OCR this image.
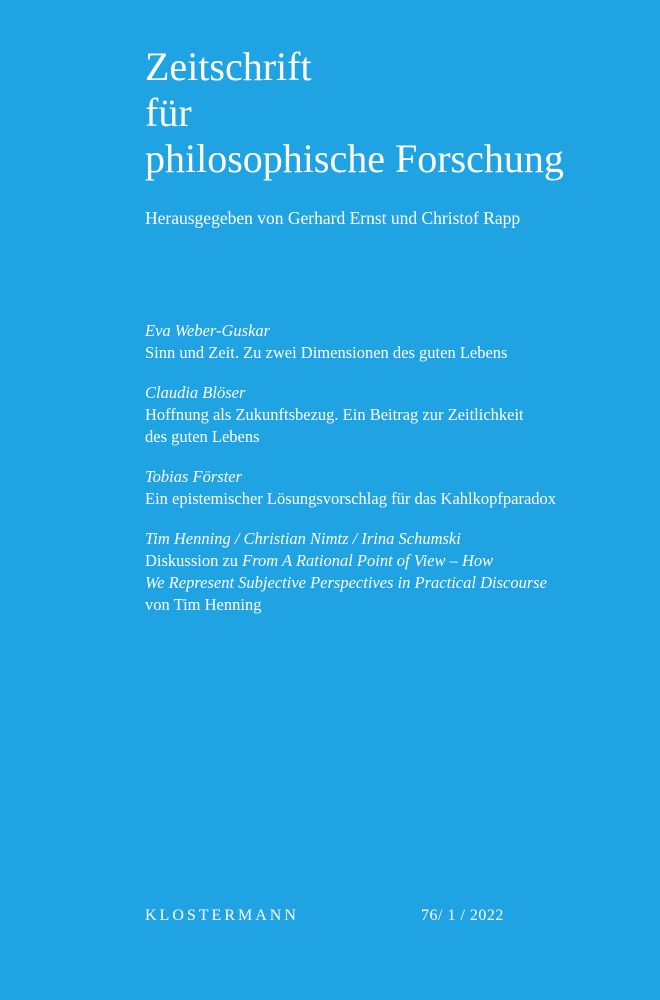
Zeitschrift
für
philosophische Forschung
Herausgegeben von Gerhard Ernst und Christof Rapp
Eva Weber-Guskar
Sinn und Zeit. Zu zwei Dimensionen des guten Lebens
Claudia Blöser
Hoffnung als Zukunftsbezug. Ein Beitrag zur Zeitlichkeit
des guten Lebens
Tobias Förster
Ein epistemischer Lösungsvorschlag für das Kahlkopfparadox
Tim Henning / Christian Nimtz / Irina Schumski
Diskussion zu From A Rational Point of View – How
We Represent Subjective Perspectives in Practical Discourse
von Tim Henning
KLOSTERMANN	76/ 1 / 2022
